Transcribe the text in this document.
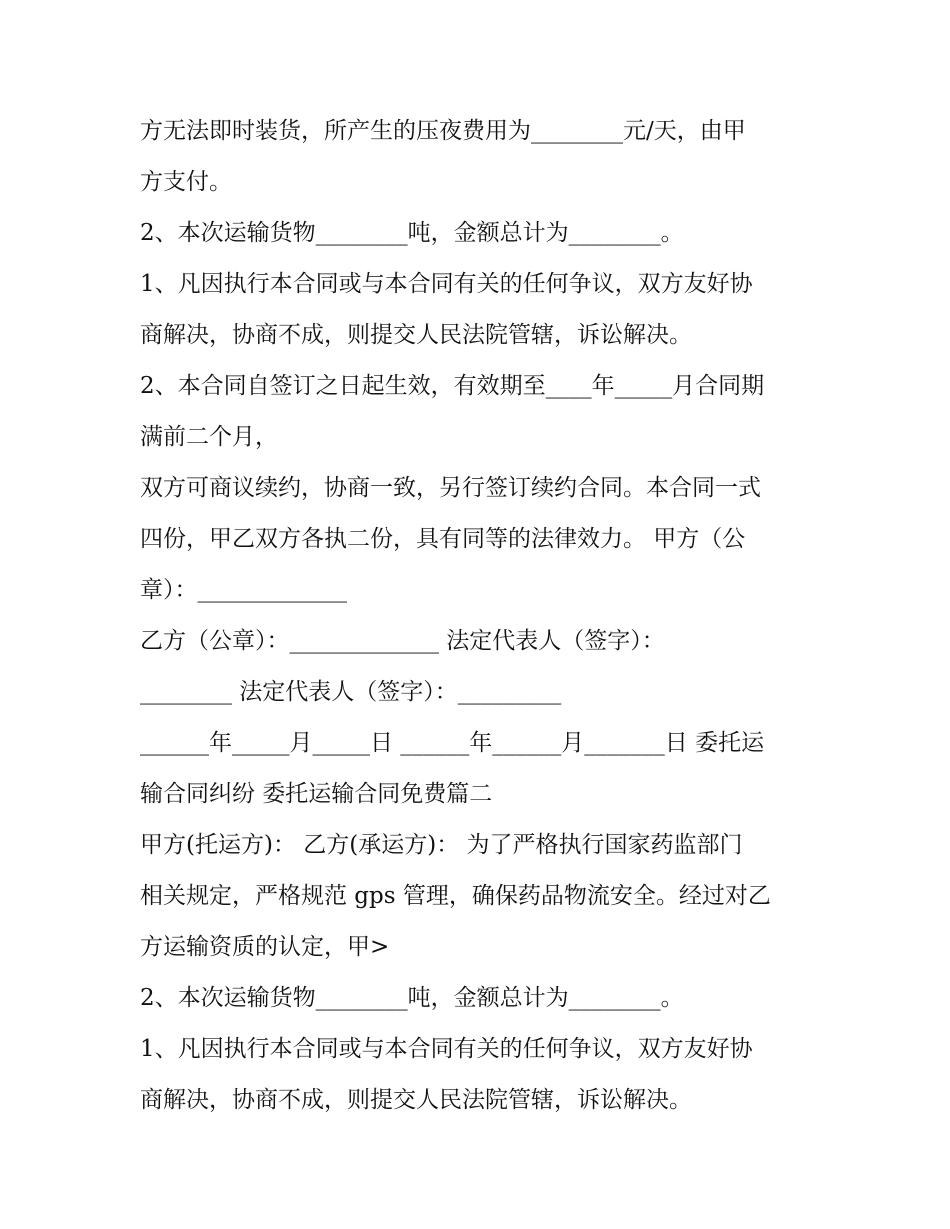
方无法即时装货，所产生的压夜费用为________元/天，由甲
方支付。
2、本次运输货物________吨，金额总计为________。
1、凡因执行本合同或与本合同有关的任何争议，双方友好协
商解决，协商不成，则提交人民法院管辖，诉讼解决。
2、本合同自签订之日起生效，有效期至____年_____月合同期
满前二个月，
双方可商议续约，协商一致，另行签订续约合同。本合同一式
四份，甲乙双方各执二份，具有同等的法律效力。 甲方（公
章）：_____________
乙方（公章）：_____________ 法定代表人（签字）：
________ 法定代表人（签字）：_________
______年_____月_____日 ______年______月_______日 委托运
输合同纠纷 委托运输合同免费篇二
甲方(托运方)： 乙方(承运方)： 为了严格执行国家药监部门
相关规定，严格规范 gps 管理，确保药品物流安全。经过对乙
方运输资质的认定，甲>
2、本次运输货物________吨，金额总计为________。
1、凡因执行本合同或与本合同有关的任何争议，双方友好协
商解决，协商不成，则提交人民法院管辖，诉讼解决。
